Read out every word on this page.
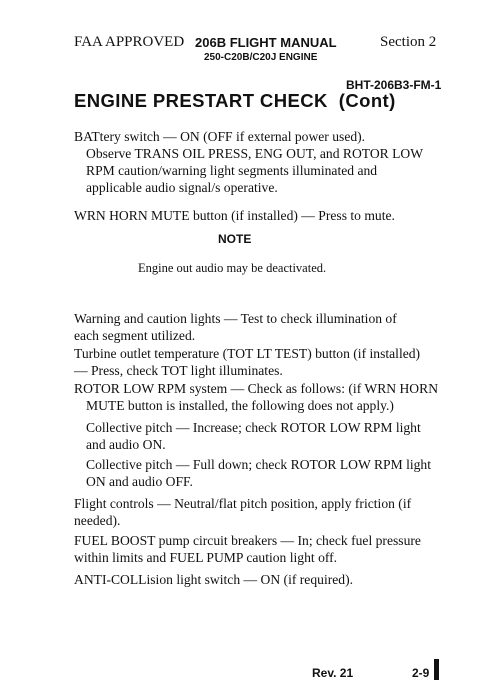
FAA APPROVED 206B FLIGHT MANUAL
250-C20B/C20J ENGINE
Section 2
BHT-206B3-FM-1
ENGINE PRESTART CHECK  (Cont)
BATtery switch — ON (OFF if external power used).
Observe TRANS OIL PRESS, ENG OUT, and ROTOR LOW
RPM caution/warning light segments illuminated and
applicable audio signal/s operative.
WRN HORN MUTE button (if installed) — Press to mute.
NOTE
Engine out audio may be deactivated.
Warning and caution lights — Test to check illumination of
each segment utilized.
Turbine outlet temperature (TOT LT TEST) button (if installed)
— Press, check TOT light illuminates.
ROTOR LOW RPM system — Check as follows: (if WRN HORN
MUTE button is installed, the following does not apply.)
Collective pitch — Increase; check ROTOR LOW RPM light
and audio ON.
Collective pitch — Full down; check ROTOR LOW RPM light
ON and audio OFF.
Flight controls — Neutral/flat pitch position, apply friction (if
needed).
FUEL BOOST pump circuit breakers — In; check fuel pressure
within limits and FUEL PUMP caution light off.
ANTI-COLLision light switch — ON (if required).
Rev. 21	2-9
